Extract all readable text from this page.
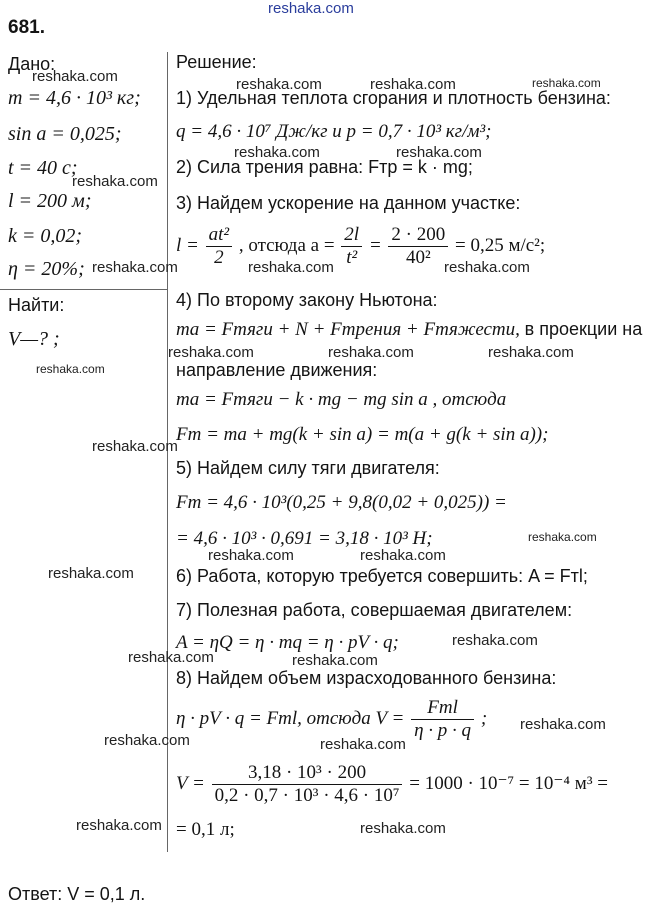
reshaka.com
681.
Дано:
m = 4,6 · 10³ кг;
sin a = 0,025;
t = 40 с;
l = 200 м;
k = 0,02;
η = 20%;
Найти:
V—? ;
Решение:
1) Удельная теплота сгорания и плотность бензина:
q = 4,6 · 10⁷ Дж/кг и p = 0,7 · 10³ кг/м³;
2) Сила трения равна: Fтр = k · mg;
3) Найдем ускорение на данном участке:
$l = \frac{\text{at²}}{2}$ , отсюда $a = \frac{2l}{\text{t²}} = \frac{2 \cdot 200}{\text{40²}} = 0,25$ м/с²;
4) По второму закону Ньютона:
ma = Fтяги + N + Fтрения + Fтяжести, в проекции на
направление движения:
ma = Fтяги − k · mg − mg sin a , отсюда
Fт = ma + mg(k + sin a) = m(a + g(k + sin a));
5) Найдем силу тяги двигателя:
Fт = 4,6 · 10³(0,25 + 9,8(0,02 + 0,025)) =
= 4,6 · 10³ · 0,691 = 3,18 · 10³ Н;
6) Работа, которую требуется совершить: A = Fтl;
7) Полезная работа, совершаемая двигателем:
A = ηQ = η · mq = η · pV · q;
8) Найдем объем израсходованного бензина:
η · pV · q = Fтl, отсюда $V = \frac{\text{Fтl}}{\eta \cdot p \cdot q}$ ;
$V = \frac{\text{3,18 · 10³ · 200}}{\text{0,2 · 0,7 · 10³ · 4,6 · 10⁷}} = 1000 \cdot 10^{-7} = 10^{-4}$ м³ =
= 0,1 л;
Ответ: V = 0,1 л.
reshaka.com
reshaka.com
reshaka.com
reshaka.com
reshaka.com
reshaka.com
reshaka.com
reshaka.com
reshaka.com
reshaka.com	reshaka.com	reshaka.com
reshaka.com	reshaka.com
reshaka.com	reshaka.com
reshaka.com	reshaka.com	reshaka.com
reshaka.com
reshaka.com	reshaka.com
reshaka.com
reshaka.com
reshaka.com
reshaka.com
reshaka.com
